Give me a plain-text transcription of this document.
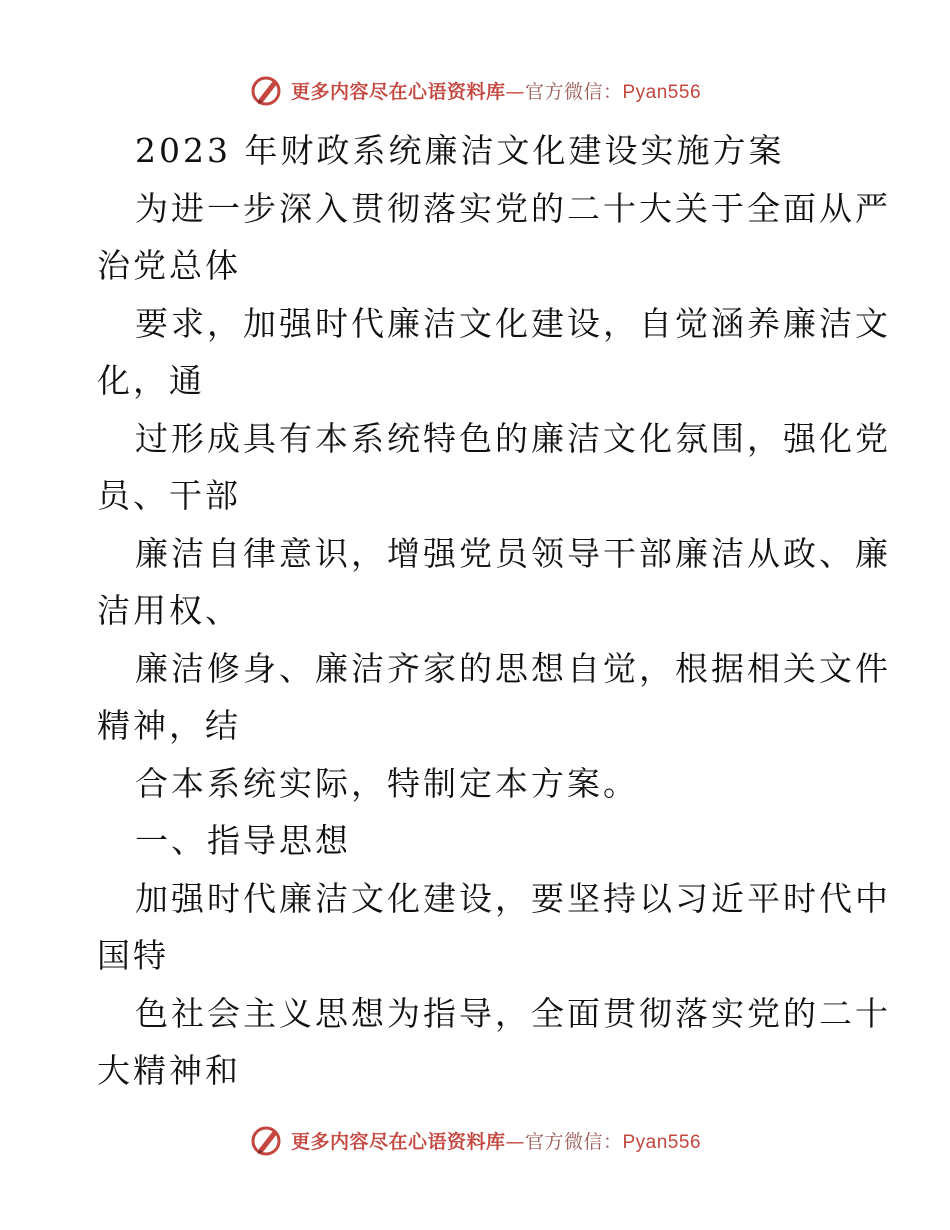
更多内容尽在心语资料库—官方微信：Pyan556
2023 年财政系统廉洁文化建设实施方案
为进一步深入贯彻落实党的二十大关于全面从严
治党总体
要求，加强时代廉洁文化建设，自觉涵养廉洁文
化，通
过形成具有本系统特色的廉洁文化氛围，强化党
员、干部
廉洁自律意识，增强党员领导干部廉洁从政、廉
洁用权、
廉洁修身、廉洁齐家的思想自觉，根据相关文件
精神，结
合本系统实际，特制定本方案。
一、指导思想
加强时代廉洁文化建设，要坚持以习近平时代中
国特
色社会主义思想为指导，全面贯彻落实党的二十
大精神和
更多内容尽在心语资料库—官方微信：Pyan556
